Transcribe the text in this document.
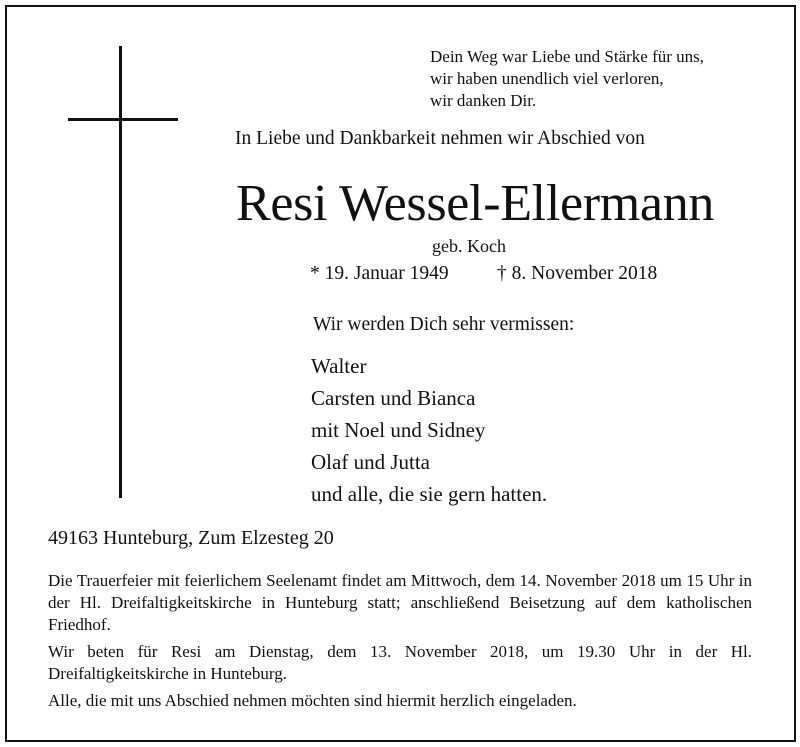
Dein Weg war Liebe und Stärke für uns,
wir haben unendlich viel verloren,
wir danken Dir.
In Liebe und Dankbarkeit nehmen wir Abschied von
Resi Wessel-Ellermann
geb. Koch
* 19. Januar 1949 † 8. November 2018
Wir werden Dich sehr vermissen:
Walter
Carsten und Bianca
mit Noel und Sidney
Olaf und Jutta
und alle, die sie gern hatten.
49163 Hunteburg, Zum Elzesteg 20

Die Trauerfeier mit feierlichem Seelenamt findet am Mittwoch, dem 14. November 2018 um 15 Uhr in der Hl. Dreifaltigkeitskirche in Hunteburg statt; anschließend Beisetzung auf dem katholischen Friedhof.

Wir beten für Resi am Dienstag, dem 13. November 2018, um 19.30 Uhr in der Hl. Dreifaltigkeitskirche in Hunteburg.

Alle, die mit uns Abschied nehmen möchten sind hiermit herzlich eingeladen.
